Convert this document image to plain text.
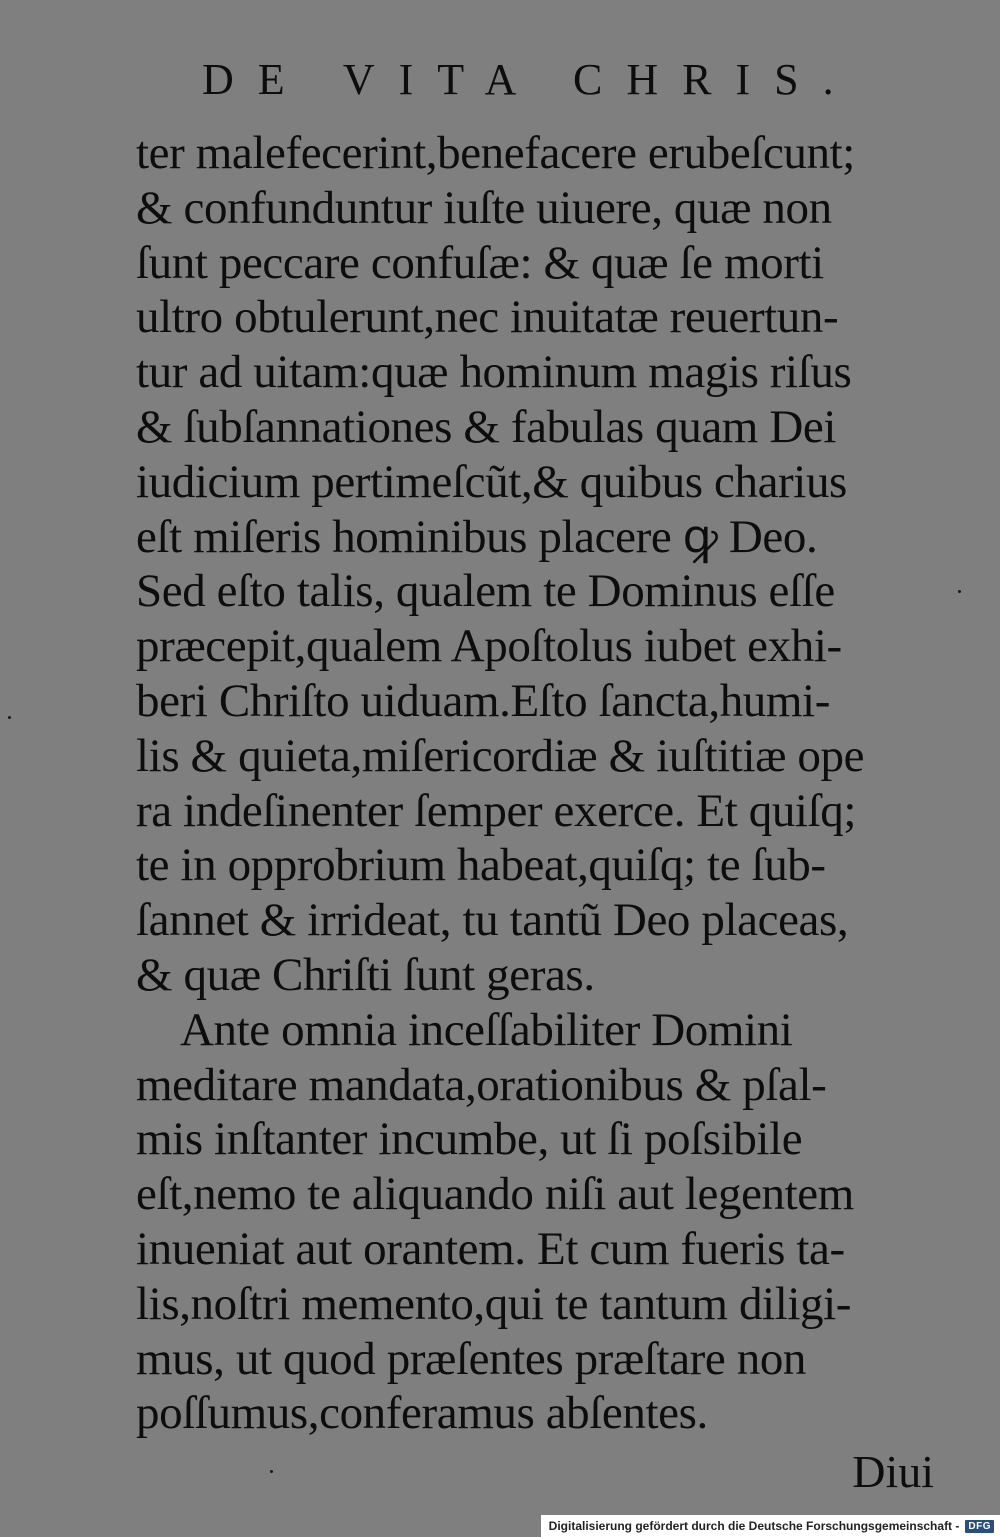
DE VITA CHRIS.
ter malefecerint,benefacere erubeſcunt;
& confunduntur iuſte uiuere, quæ non
ſunt peccare confuſæ: & quæ ſe morti
ultro obtulerunt,nec inuitatæ reuertun-
tur ad uitam:quæ hominum magis riſus
& ſubſannationes & fabulas quam Dei
iudicium pertimeſcũt,& quibus charius
eſt miſeris hominibus placere ꝙ Deo.
Sed eſto talis, qualem te Dominus eſſe
præcepit,qualem Apoſtolus iubet exhi-
beri Chriſto uiduam.Eſto ſancta,humi-
lis & quieta,miſericordiæ & iuſtitiæ ope
ra indeſinenter ſemper exerce. Et quiſq;
te in opprobrium habeat,quiſq; te ſub-
ſannet & irrideat, tu tantũ Deo placeas,
& quæ Chriſti ſunt geras.
Ante omnia inceſſabiliter Domini
meditare mandata,orationibus & pſal-
mis inſtanter incumbe, ut ſi poſsibile
eſt,nemo te aliquando niſi aut legentem
inueniat aut orantem. Et cum fueris ta-
lis,noſtri memento,qui te tantum diligi-
mus, ut quod præſentes præſtare non
poſſumus,conferamus abſentes.
Diui
Digitalisierung gefördert durch die Deutsche Forschungsgemeinschaft - DFG
